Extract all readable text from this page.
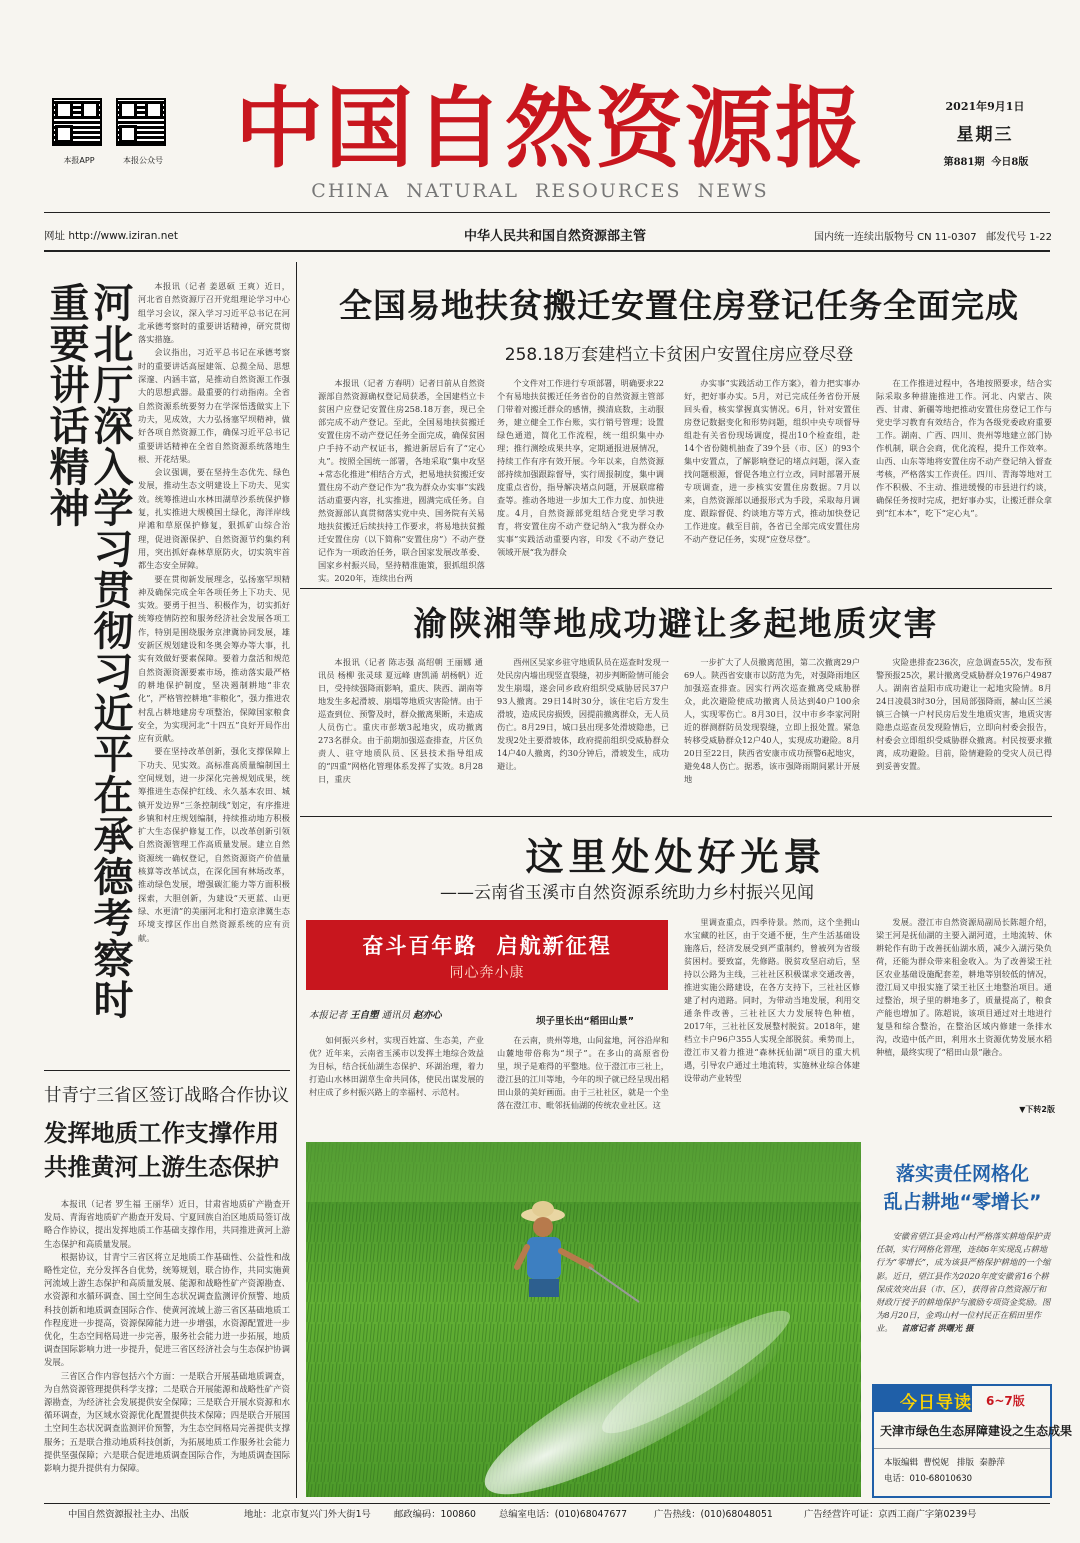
本报APP	本报公众号 中国自然资源报
CHINA  NATURAL  RESOURCES  NEWS
2021年9月1日
星期三
第881期  今日8版
网址 http://www.iziran.net	中华人民共和国自然资源部主管	国内统一连续出版物号 CN 11-0307   邮发代号 1-22
河北厅深入学习贯彻习近平在承德考察时重要讲话精神	本报讯（记者 姜恩硕 王爽）近日，河北省自然资源厅召开党组理论学习中心组学习会议，深入学习习近平总书记在河北承德考察时的重要讲话精神，研究贯彻落实措施。

会议指出，习近平总书记在承德考察时的重要讲话高屋建瓴、总揽全局、思想深邃、内涵丰富，是推动自然资源工作强大的思想武器。最重要的行动指南。全省自然资源系统要努力在学深悟透做实上下功夫，见成效，大力弘扬塞罕坝精神，做好各项自然资源工作，确保习近平总书记重要讲话精神在全省自然资源系统落地生根、开花结果。

会议强调，要在坚持生态优先、绿色发展，推动生态文明建设上下功夫、见实效。统筹推进山水林田湖草沙系统保护修复，扎实推进大规模国土绿化，海洋岸线岸滩和草原保护修复，狠抓矿山综合治理，促进资源保护、自然资源节约集约利用，突出抓好森林草原防火，切实筑牢首都生态安全屏障。

要在贯彻新发展理念，弘扬塞罕坝精神及确保完成全年各项任务上下功夫、见实效。要勇于担当、积极作为，切实抓好统筹疫情防控和服务经济社会发展各项工作，特别是围绕服务京津冀协同发展，雄安新区规划建设和冬奥会筹办等大事，扎实有效做好要素保障。要着力盘活和规范自然资源资源要素市场，推动落实最严格的耕地保护制度，坚决遏制耕地“非农化”，严格管控耕地“非粮化”，强力推进农村乱占耕地建房专项整治，保障国家粮食安全，为实现河北“十四五”良好开局作出应有贡献。

要在坚持改革创新，强化支撑保障上下功夫、见实效。高标准高质量编制国土空间规划，进一步深化完善规划成果，统筹推进生态保护红线、永久基本农田、城镇开发边界“三条控制线”划定，有序推进乡镇和村庄规划编制，持续推动地方积极扩大生态保护修复工作，以改革创新引领自然资源管理工作高质量发展。建立自然资源统一确权登记，自然资源资产价值量核算等改革试点，在深化国有林场改革，推动绿色发展，增强碳汇能力等方面积极探索，大胆创新，为建设“天更蓝、山更绿、水更清”的美丽河北和打造京津冀生态环境支撑区作出自然资源系统的应有贡献。

甘青宁三省区签订战略合作协议
发挥地质工作支撑作用 共推黄河上游生态保护

本报讯（记者 罗生福 王丽华）近日，甘肃省地质矿产勘查开发局、青海省地质矿产勘查开发局、宁夏回族自治区地质局签订战略合作协议，提出发挥地质工作基础支撑作用，共同推进黄河上游生态保护和高质量发展。

根据协议，甘青宁三省区将立足地质工作基础性、公益性和战略性定位，充分发挥各自优势，统筹规划，联合协作，共同实施黄河流域上游生态保护和高质量发展、能源和战略性矿产资源勘查、水资源和水循环调查、国土空间生态状况调查监测评价预警、地质科技创新和地质调查国际合作、使黄河流域上游三省区基础地质工作程度进一步提高，资源保障能力进一步增强，水资源配置进一步优化，生态空间格局进一步完善，服务社会能力进一步拓展，地质调查国际影响力进一步提升，促进三省区经济社会与生态保护协调发展。

三省区合作内容包括六个方面：一是联合开展基础地质调查，为自然资源管理提供科学支撑；二是联合开展能源和战略性矿产资源勘查，为经济社会发展提供安全保障；三是联合开展水资源和水循环调查，为区域水资源优化配置提供技术保障；四是联合开展国土空间生态状况调查监测评价预警，为生态空间格局完善提供支撑服务；五是联合推动地质科技创新，为拓展地质工作服务社会能力提供坚强保障；六是联合促进地质调查国际合作，为地质调查国际影响力提升提供有力保障。

全国易地扶贫搬迁安置住房登记任务全面完成
258.18万套建档立卡贫困户安置住房应登尽登

本报讯（记者 方春明）记者日前从自然资源部自然资源确权登记局获悉，全国建档立卡贫困户应登记安置住房258.18万套，现已全部完成不动产登记。至此，全国易地扶贫搬迁安置住房不动产登记任务全面完成，确保贫困户手持不动产权证书，搬进新居后有了“定心丸”。按照全国统一部署，各地采取“集中攻坚+常态化推进”相结合方式，把易地扶贫搬迁安置住房不动产登记作为“我为群众办实事”实践活动重要内容，扎实推进，圆满完成任务。自然资源部认真贯彻落实党中央、国务院有关易地扶贫搬迁后续扶持工作要求，将易地扶贫搬迁安置住房（以下简称“安置住房”）不动产登记作为一项政治任务，联合国家发展改革委、国家乡村振兴局，坚持精准施策，狠抓组织落实。2020年，连续出台两

个文件对工作进行专项部署，明确要求22个有易地扶贫搬迁任务省份的自然资源主管部门带着对搬迁群众的感情，摸清底数，主动服务，建立健全工作台账，实行销号管理；设置绿色通道，简化工作流程，统一组织集中办理；推行测绘成果共享，定期通报进展情况，持续工作有序有效开展。今年以来，自然资源部持续加强跟踪督导，实行周报制度，集中调度重点省份，指导解决堵点问题，开展联席稽查等。推动各地进一步加大工作力度、加快进度。4月，自然资源部党组结合党史学习教育，将安置住房不动产登记纳入“我为群众办实事”实践活动重要内容，印发《不动产登记领域开展“我为群众

办实事”实践活动工作方案》，着力把实事办好，把好事办实。5月，对已完成任务省份开展回头看，核实掌握真实情况。6月，针对安置住房登记数据变化和形势问题，组织中央专项督导组赴有关省份现场调度，提出10个检查组，赴14个省份随机抽查了39个县（市、区）的93个集中安置点，了解影响登记的堵点问题，深入查找问题根源，督促各地立行立改，同时部署开展专项调查，进一步核实安置住房数据。7月以来，自然资源部以通报形式为手段，采取每月调度、跟踪督促、约谈地方等方式，推动加快登记工作进度。截至目前，各省已全部完成安置住房不动产登记任务，实现“应登尽登”。

在工作推进过程中，各地按照要求，结合实际采取多种措施推进工作。河北、内蒙古、陕西、甘肃、新疆等地把推动安置住房登记工作与党史学习教育有效结合，作为各级党委政府重要工作。湖南、广西、四川、贵州等地建立部门协作机制，联合会商，优化流程，提升工作效率。山西、山东等地将安置住房不动产登记纳入督查考核，严格落实工作责任。四川、青海等地对工作不积极、不主动、推进缓慢的市县进行约谈，确保任务按时完成，把好事办实，让搬迁群众拿到“红本本”，吃下“定心丸”。

渝陕湘等地成功避让多起地质灾害

本报讯（记者 陈志强 高绍朝 王丽娜 通讯员 杨柳 张灵球 夏远峰 唐凯涌 胡杨帆）近日，受持续强降雨影响，重庆、陕西、湖南等地发生多起滑坡、崩塌等地质灾害险情。由于巡查到位、预警及时，群众撤离果断，未造成人员伤亡。重庆市彭墩3起地灾，成功撤离273名群众。由于前期加强巡查排查，片区负责人、驻守地质队员、区县技术指导组成的“四重”网格化管理体系发挥了实效。8月28日，重庆

酉州区吴家乡驻守地质队员在巡查时发现一处民房内墙出现竖直裂缝，初步判断险情可能会发生崩塌，遂会同乡政府组织受威胁居民37户93人撤离。29日14时30分，该住宅后方发生滑坡，造成民房损毁，因提前撤离群众，无人员伤亡。8月29日，城口县出现多处滑坡隐患，已发现2处主要滑坡体，政府提前组织受威胁群众14户40人撤离，约30分钟后，滑坡发生，成功避让。

一步扩大了人员撤离范围，第二次撤离29户69人。陕西省安康市以防范为先，对强降雨地区加强巡查排查。因实行两次巡查撤离受威胁群众，此次避险使成功撤离人员达到40户100余人，实现零伤亡。8月30日，汉中市乡李家河附近的群测群防员发现裂缝，立即上报处置。紧急转移受威胁群众12户40人，实现成功避险。8月20日至22日，陕西省安康市成功预警6起地灾，避免48人伤亡。据悉，该市强降雨期间累计开展地

灾险患排查236次，应急调查55次，发布预警预报25次，累计撤离受威胁群众1976户4987人。湖南省益阳市成功避让一起地灾险情。8月24日凌晨3时30分，国局部强降雨，赫山区兰溪镇三合镇一户村民房后发生地质灾害，地质灾害隐患点巡查员发现险情后，立即向村委会报告，村委会立即组织受威胁群众撤离。村民按要求撤离，成功避险。目前，险情避险的受灾人员已得到妥善安置。

这里处处好光景
——云南省玉溪市自然资源系统助力乡村振兴见闻
奋斗百年路 启航新征程
同心奔小康
本报记者 王自塑 通讯员 赵亦心

如何振兴乡村，实现百姓富、生态美，产业优？近年来，云南省玉溪市以发挥土地综合效益为目标，结合抚仙湖生态保护、环湖治理，着力打造山水林田湖草生命共同体，使民出谋发展的村庄成了乡村振兴路上的幸福村、示范村。

坝子里长出“稻田山景”

在云南，贵州等地，山间盆地，河谷沿岸和山麓地带俗称为“坝子”。在多山的高原省份里，坝子是难得的平整地。位于澄江市三社上，澄江县的江川等地，今年的坝子就已经呈现出稻田山景的美好画面。由于三社社区，就是一个坐落在澄江市、毗邻抚仙湖的传统农业社区。这

里调查重点，四季待景。然而，这个坐拥山水宝藏的社区，由于交通不便，生产生活基础设施落后，经济发展受到严重制约，曾被列为省级贫困村。要致富，先修路。脱贫攻坚启动后，坚持以公路为主线，三社社区积极谋求交通改善，推进实施公路建设，在各方支持下，三社社区修建了村内道路。同时，为带动当地发展，利用交通条件改善，三社社区大力发展特色种植，2017年，三社社区发展整村脱贫。2018年，建档立卡户96户355人实现全部脱贫。乘势而上，澄江市又着力推进“森林抚仙湖”项目的重大机遇，引导农户通过土地流转，实施林业综合体建设带动产业转型

发展。澄江市自然资源局副局长陈超介绍，梁王河是抚仙湖的主要入湖河道，土地流转、休耕轮作有助于改善抚仙湖水质，减少入湖污染负荷，还能为群众带来租金收入。为了改善梁王社区农业基础设施配套差，耕地等别较低的情况，澄江局又申报实施了梁王社区土地整治项目。通过整治，坝子里的耕地多了，质量提高了，粮食产能也增加了。陈超说，该项目通过对土地进行复垦和综合整治，在整治区域内修建一条排水沟，改造中低产田，利用水土资源优势发展水稻种植，最终实现了“稻田山景”融合。

▼下转2版
落实责任网格化
乱占耕地“零增长”
安徽省望江县金鸡山村严格落实耕地保护责任制，实行网格化管理，连续6年实现乱占耕地行为“零增长”，成为该县严格保护耕地的一个缩影。近日，望江县作为2020年度安徽省16个耕保成效突出县（市、区），获得省自然资源厅和财政厅授予的耕地保护与激励专项资金奖励。图为8月20日，金鸡山村一位村民正在稻田里作业。 首席记者 洪曙光 摄
今日导读 6~7版
天津市绿色生态屏障建设之生态成果
本版编辑  曹悦妮   排版  秦静萍
电话：010-68010630
中国自然资源报社主办、出版	地址：北京市复兴门外大街1号 邮政编码：100860 总编室电话：(010)68047677	广告热线：(010)68048051	广告经营许可证：京西工商广字第0239号
